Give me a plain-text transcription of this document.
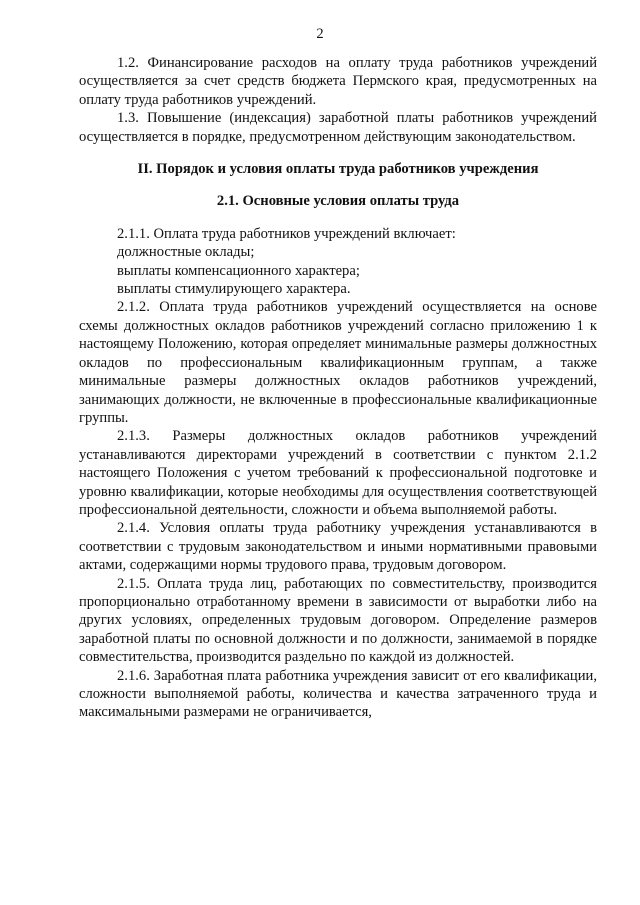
2

1.2. Финансирование расходов на оплату труда работников учреждений осуществляется за счет средств бюджета Пермского края, предусмотренных на оплату труда работников учреждений.

1.3. Повышение (индексация) заработной платы работников учреждений осуществляется в порядке, предусмотренном действующим законодательством.

II. Порядок и условия оплаты труда работников учреждения

2.1. Основные условия оплаты труда

2.1.1. Оплата труда работников учреждений включает:

должностные оклады;

выплаты компенсационного характера;

выплаты стимулирующего характера.

2.1.2. Оплата труда работников учреждений осуществляется на основе схемы должностных окладов работников учреждений согласно приложению 1 к настоящему Положению, которая определяет минимальные размеры должностных окладов по профессиональным квалификационным группам, а также минимальные размеры должностных окладов работников учреждений, занимающих должности, не включенные в профессиональные квалификационные группы.

2.1.3. Размеры должностных окладов работников учреждений устанавливаются директорами учреждений в соответствии с пунктом 2.1.2 настоящего Положения с учетом требований к профессиональной подготовке и уровню квалификации, которые необходимы для осуществления соответствующей профессиональной деятельности, сложности и объема выполняемой работы.

2.1.4. Условия оплаты труда работнику учреждения устанавливаются в соответствии с трудовым законодательством и иными нормативными правовыми актами, содержащими нормы трудового права, трудовым договором.

2.1.5. Оплата труда лиц, работающих по совместительству, производится пропорционально отработанному времени в зависимости от выработки либо на других условиях, определенных трудовым договором. Определение размеров заработной платы по основной должности и по должности, занимаемой в порядке совместительства, производится раздельно по каждой из должностей.

2.1.6. Заработная плата работника учреждения зависит от его квалификации, сложности выполняемой работы, количества и качества затраченного труда и максимальными размерами не ограничивается,
